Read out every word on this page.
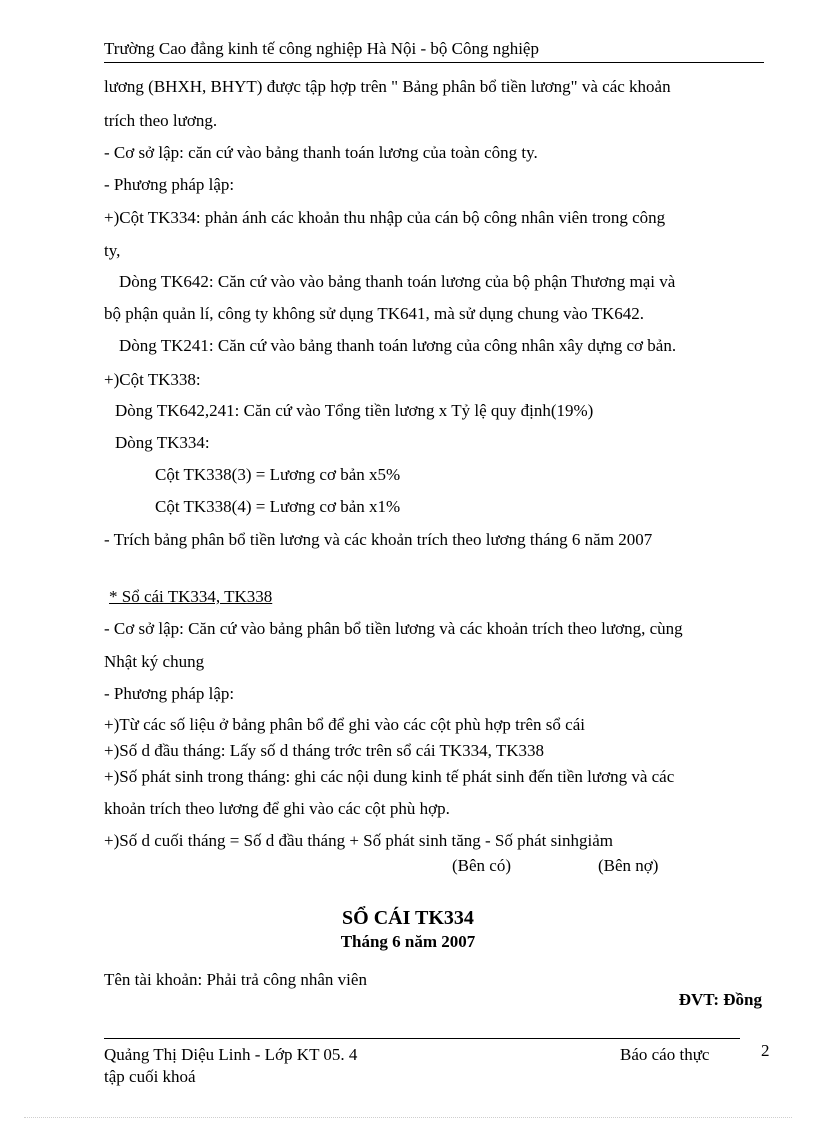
Trường Cao đẳng kinh tế công nghiệp Hà Nội - bộ Công nghiệp
lương (BHXH, BHYT) được tập hợp trên " Bảng phân bổ tiền lương" và các khoản
trích theo lương.
- Cơ sở lập: căn cứ vào bảng thanh toán lương của toàn công ty.
- Phương pháp lập:
+)Cột TK334: phản ánh các khoản thu nhập của cán bộ công nhân viên trong công
ty,
Dòng TK642: Căn cứ vào vào bảng thanh toán lương của bộ phận Thương mại và
bộ phận quản lí, công ty không sử dụng TK641, mà sử dụng chung vào TK642.
Dòng TK241: Căn cứ vào bảng thanh toán lương của công nhân xây dựng cơ bản.
+)Cột TK338:
Dòng TK642,241: Căn cứ vào Tổng tiền lương x Tỷ lệ quy định(19%)
Dòng TK334:
Cột TK338(3) = Lương cơ bản x5%
Cột TK338(4) = Lương cơ bản x1%
- Trích bảng phân bổ tiền lương và các khoản trích theo lương tháng 6 năm 2007
* Sổ cái TK334, TK338
- Cơ sở lập: Căn cứ vào bảng phân bổ tiền lương và các khoản trích theo lương, cùng
Nhật ký chung
- Phương pháp lập:
+)Từ các số liệu ở bảng phân bổ để ghi vào các cột phù hợp trên sổ cái
+)Số d đầu tháng: Lấy số d tháng trớc trên sổ cái TK334, TK338
+)Số phát sinh trong tháng: ghi các nội dung kinh tế phát sinh đến tiền lương và các
khoản trích theo lương để ghi vào các cột phù hợp.
+)Số d cuối tháng = Số d đầu tháng + Số phát sinh tăng - Số phát sinhgiảm
(Bên có)	(Bên nợ)
SỔ CÁI TK334
Tháng 6 năm 2007
Tên tài khoản: Phải trả công nhân viên
ĐVT: Đồng
Quảng Thị Diệu Linh - Lớp KT 05. 4	Báo cáo thực
tập cuối khoá
2
